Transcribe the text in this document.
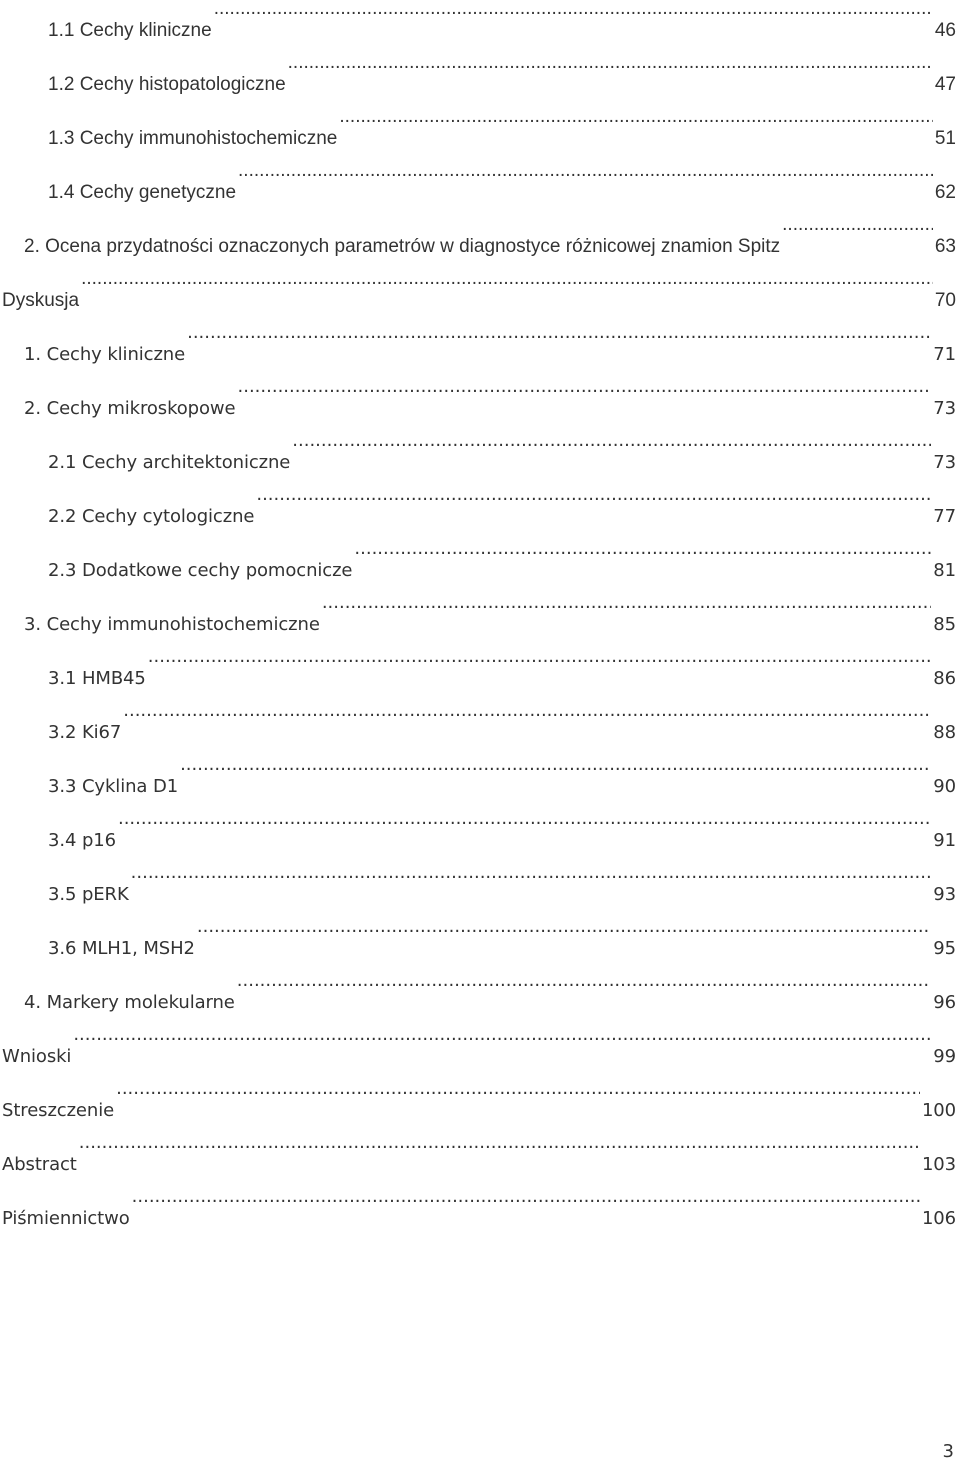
1.1 Cechy kliniczne .....	46
1.2 Cechy histopatologiczne .....	47
1.3 Cechy immunohistochemiczne .....	51
1.4 Cechy genetyczne .....	62
2. Ocena przydatności oznaczonych parametrów w diagnostyce różnicowej znamion Spitz .....	63
Dyskusja .....	70
1. Cechy kliniczne .....	71
2. Cechy mikroskopowe .....	73
2.1 Cechy architektoniczne .....	73
2.2 Cechy cytologiczne .....	77
2.3 Dodatkowe cechy pomocnicze .....	81
3. Cechy immunohistochemiczne .....	85
3.1 HMB45 .....	86
3.2 Ki67 .....	88
3.3 Cyklina D1 .....	90
3.4 p16 .....	91
3.5 pERK .....	93
3.6 MLH1, MSH2 .....	95
4. Markery molekularne .....	96
Wnioski .....	99
Streszczenie .....	100
Abstract .....	103
Piśmiennictwo .....	106
3
